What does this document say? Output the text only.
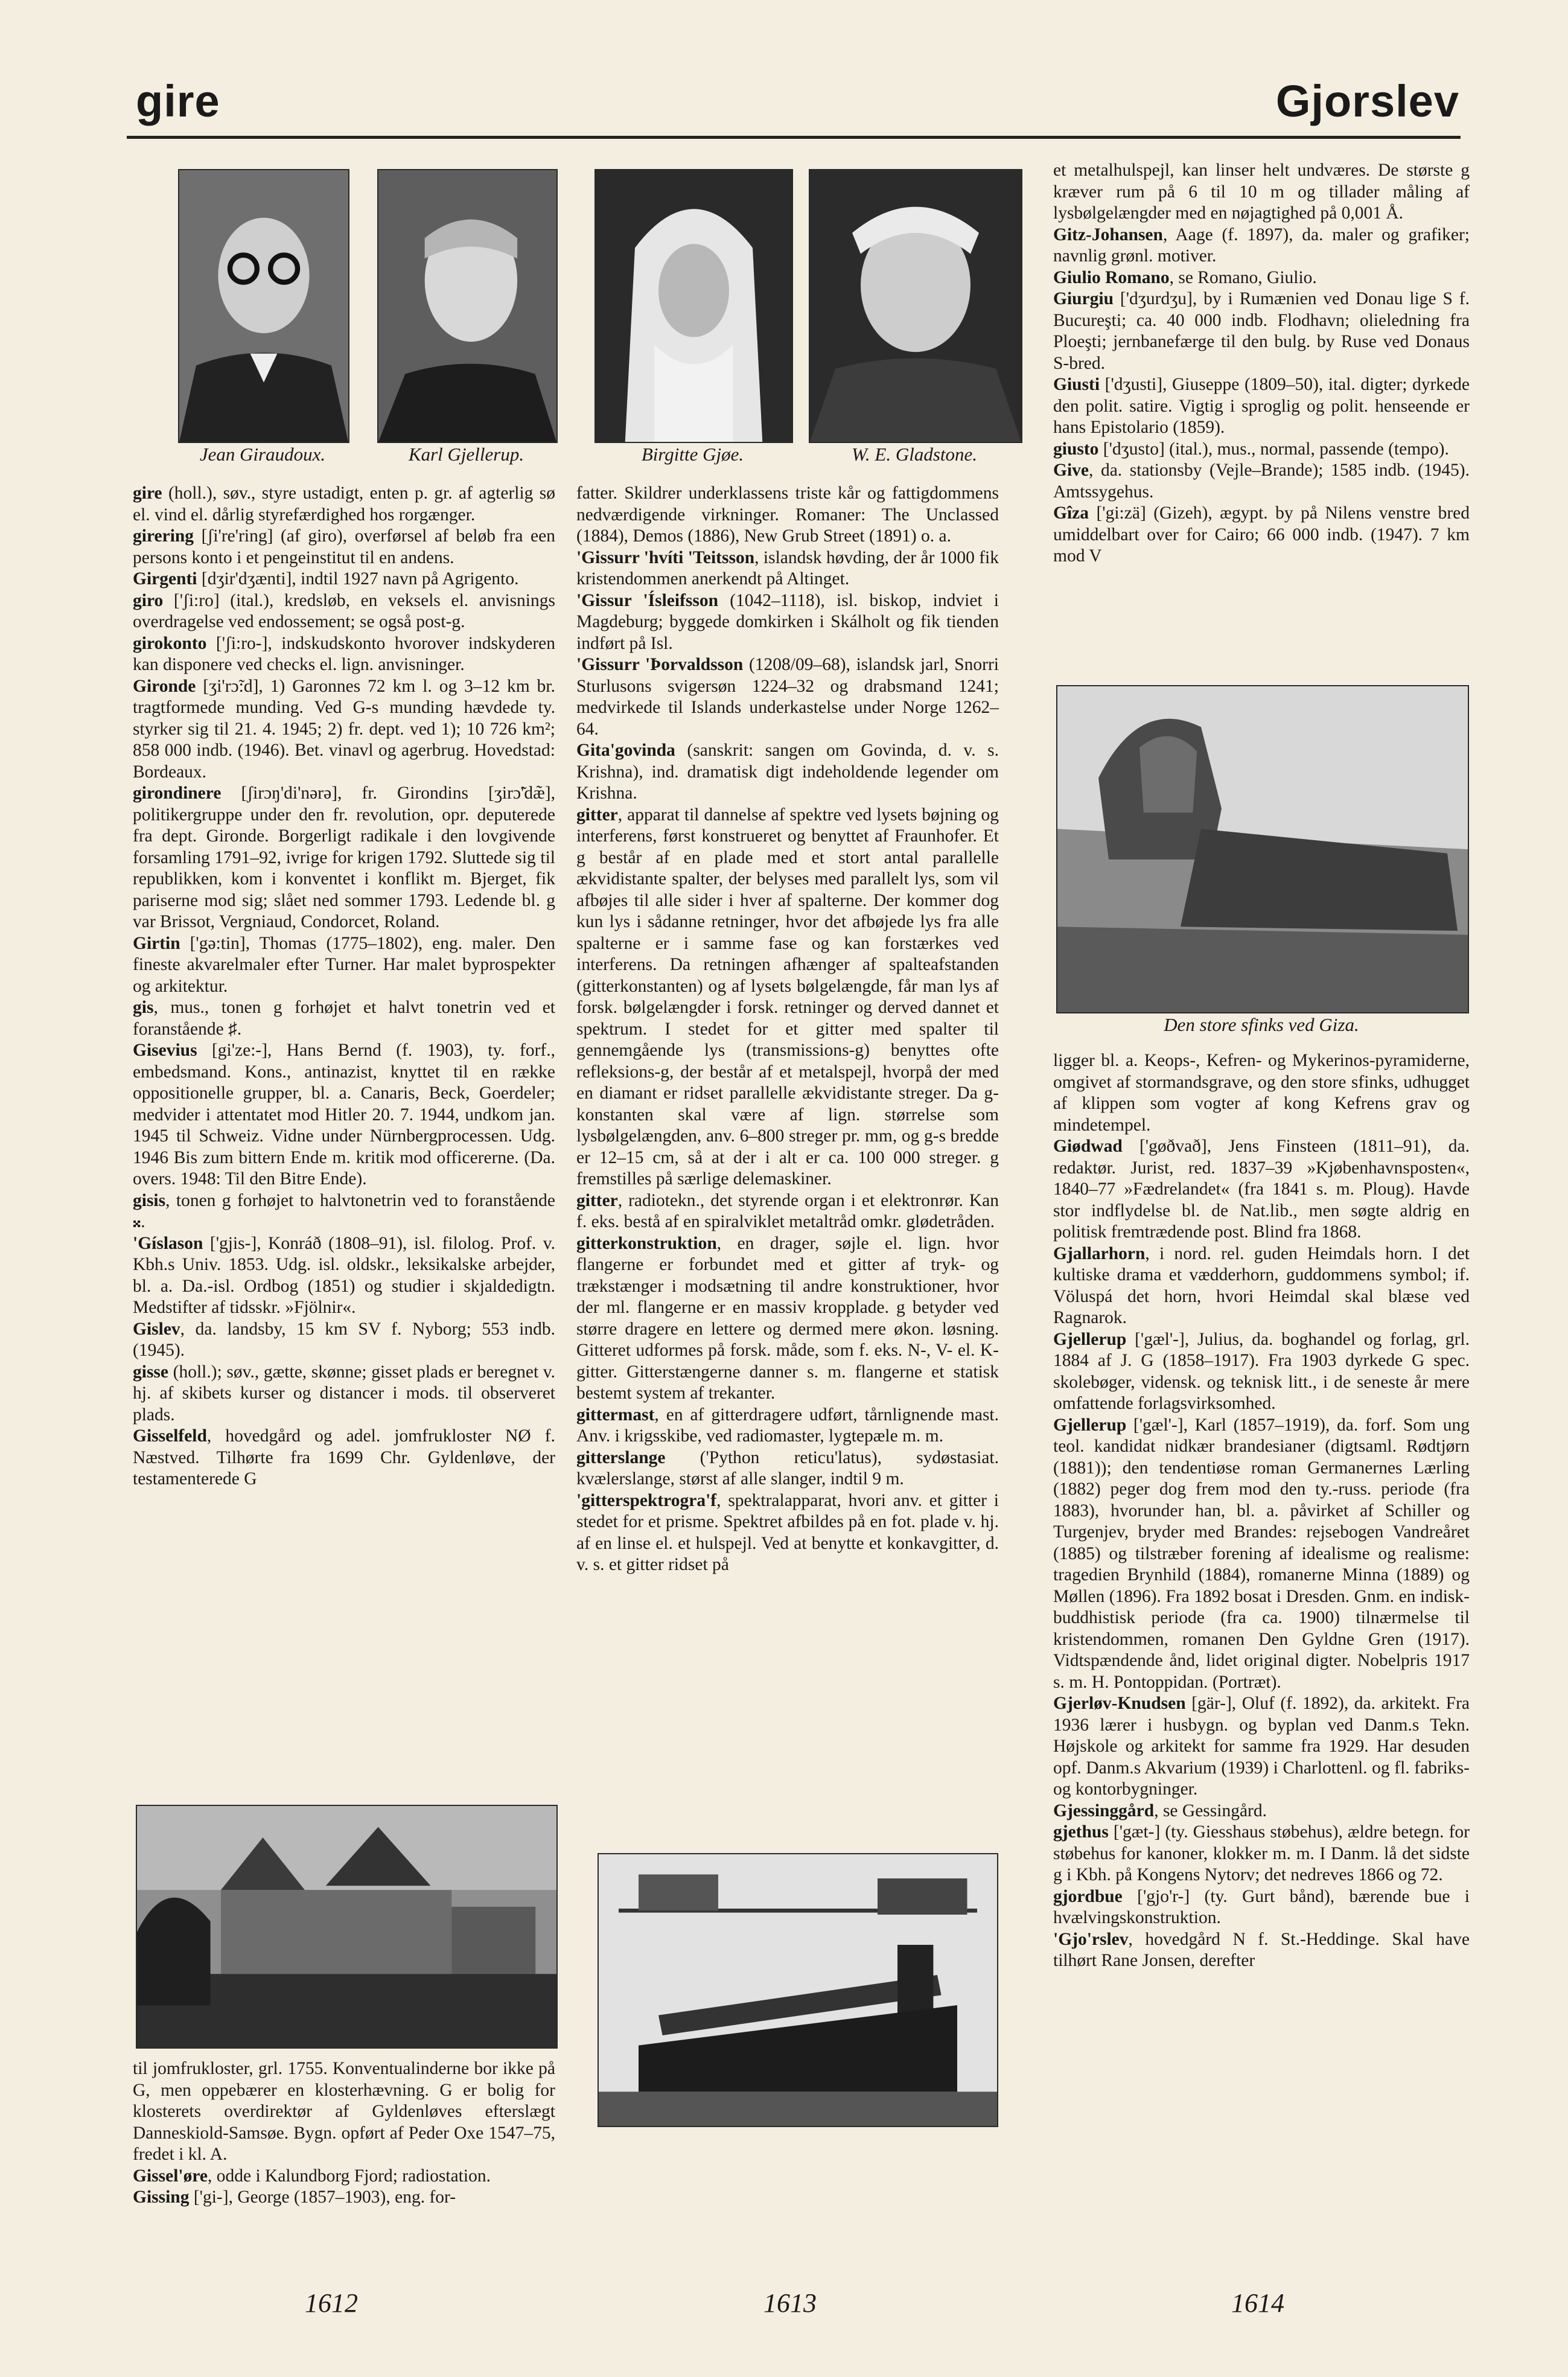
gire	Gjorslev
Jean Giraudoux.	Karl Gjellerup.	Birgitte Gjøe.	W. E. Gladstone.
gire (holl.), søv., styre ustadigt, enten p. gr. af agterlig sø el. vind el. dårlig styrefærdighed hos rorgænger.
girering [ʃi're'ring] (af giro), overførsel af beløb fra een persons konto i et pengeinstitut til en andens.
Girgenti [dʒir'dʒænti], indtil 1927 navn på Agrigento.
giro ['ʃi:ro] (ital.), kredsløb, en veksels el. anvisnings overdragelse ved endossement; se også post-g.
girokonto ['ʃi:ro-], indskudskonto hvorover indskyderen kan disponere ved checks el. lign. anvisninger.
Gironde [ʒi'rɔ̃:d], 1) Garonnes 72 km l. og 3–12 km br. tragtformede munding. Ved G-s munding hævdede ty. styrker sig til 21. 4. 1945; 2) fr. dept. ved 1); 10 726 km²; 858 000 indb. (1946). Bet. vinavl og agerbrug. Hovedstad: Bordeaux.
girondinere [ʃirɔŋ'di'nərə], fr. Girondins [ʒirɔ̃'dæ̃], politikergruppe under den fr. revolution, opr. deputerede fra dept. Gironde. Borgerligt radikale i den lovgivende forsamling 1791–92, ivrige for krigen 1792. Sluttede sig til republikken, kom i konventet i konflikt m. Bjerget, fik pariserne mod sig; slået ned sommer 1793. Ledende bl. g var Brissot, Vergniaud, Condorcet, Roland.
Girtin ['gə:tin], Thomas (1775–1802), eng. maler. Den fineste akvarelmaler efter Turner. Har malet byprospekter og arkitektur.
gis, mus., tonen g forhøjet et halvt tonetrin ved et foranstående ♯.
Gisevius [gi'ze:-], Hans Bernd (f. 1903), ty. forf., embedsmand. Kons., antinazist, knyttet til en række oppositionelle grupper, bl. a. Canaris, Beck, Goerdeler; medvider i attentatet mod Hitler 20. 7. 1944, undkom jan. 1945 til Schweiz. Vidne under Nürnbergprocessen. Udg. 1946 Bis zum bittern Ende m. kritik mod officererne. (Da. overs. 1948: Til den Bitre Ende).
gisis, tonen g forhøjet to halvtonetrin ved to foranstående 𝄪.
'Gíslason ['gjis-], Konráð (1808–91), isl. filolog. Prof. v. Kbh.s Univ. 1853. Udg. isl. oldskr., leksikalske arbejder, bl. a. Da.-isl. Ordbog (1851) og studier i skjaldedigtn. Medstifter af tidsskr. »Fjölnir«.
Gislev, da. landsby, 15 km SV f. Nyborg; 553 indb. (1945).
gisse (holl.); søv., gætte, skønne; gisset plads er beregnet v. hj. af skibets kurser og distancer i mods. til observeret plads.
Gisselfeld, hovedgård og adel. jomfrukloster NØ f. Næstved. Tilhørte fra 1699 Chr. Gyldenløve, der testamenterede G
til jomfrukloster, grl. 1755. Konventualinderne bor ikke på G, men oppebærer en klosterhævning. G er bolig for klosterets overdirektør af Gyldenløves efterslægt Danneskiold-Samsøe. Bygn. opført af Peder Oxe 1547–75, fredet i kl. A.
Gissel'øre, odde i Kalundborg Fjord; radiostation.
Gissing ['gi-], George (1857–1903), eng. for-
fatter. Skildrer underklassens triste kår og fattigdommens nedværdigende virkninger. Romaner: The Unclassed (1884), Demos (1886), New Grub Street (1891) o. a.
'Gissurr 'hvíti 'Teitsson, islandsk høvding, der år 1000 fik kristendommen anerkendt på Altinget.
'Gissur 'Ísleifsson (1042–1118), isl. biskop, indviet i Magdeburg; byggede domkirken i Skálholt og fik tienden indført på Isl.
'Gissurr 'Þorvaldsson (1208/09–68), islandsk jarl, Snorri Sturlusons svigersøn 1224–32 og drabsmand 1241; medvirkede til Islands underkastelse under Norge 1262–64.
Gita'govinda (sanskrit: sangen om Govinda, d. v. s. Krishna), ind. dramatisk digt indeholdende legender om Krishna.
gitter, apparat til dannelse af spektre ved lysets bøjning og interferens, først konstrueret og benyttet af Fraunhofer. Et g består af en plade med et stort antal parallelle ækvidistante spalter, der belyses med parallelt lys, som vil afbøjes til alle sider i hver af spalterne. Der kommer dog kun lys i sådanne retninger, hvor det afbøjede lys fra alle spalterne er i samme fase og kan forstærkes ved interferens. Da retningen afhænger af spalteafstanden (gitterkonstanten) og af lysets bølgelængde, får man lys af forsk. bølgelængder i forsk. retninger og derved dannet et spektrum. I stedet for et gitter med spalter til gennemgående lys (transmissions-g) benyttes ofte refleksions-g, der består af et metalspejl, hvorpå der med en diamant er ridset parallelle ækvidistante streger. Da g-konstanten skal være af lign. størrelse som lysbølgelængden, anv. 6–800 streger pr. mm, og g-s bredde er 12–15 cm, så at der i alt er ca. 100 000 streger. g fremstilles på særlige delemaskiner.
gitter, radiotekn., det styrende organ i et elektronrør. Kan f. eks. bestå af en spiralviklet metaltråd omkr. glødetråden.
gitterkonstruktion, en drager, søjle el. lign. hvor flangerne er forbundet med et gitter af tryk- og trækstænger i modsætning til andre konstruktioner, hvor der ml. flangerne er en massiv kropplade. g betyder ved større dragere en lettere og dermed mere økon. løsning. Gitteret udformes på forsk. måde, som f. eks. N-, V- el. K-gitter. Gitterstængerne danner s. m. flangerne et statisk bestemt system af trekanter.
gittermast, en af gitterdragere udført, tårnlignende mast. Anv. i krigsskibe, ved radiomaster, lygtepæle m. m.
gitterslange ('Python reticu'latus), sydøstasiat. kvælerslange, størst af alle slanger, indtil 9 m.
'gitterspektrogra'f, spektralapparat, hvori anv. et gitter i stedet for et prisme. Spektret afbildes på en fot. plade v. hj. af en linse el. et hulspejl. Ved at benytte et konkavgitter, d. v. s. et gitter ridset på
et metalhulspejl, kan linser helt undværes. De største g kræver rum på 6 til 10 m og tillader måling af lysbølgelængder med en nøjagtighed på 0,001 Å.
Gitz-Johansen, Aage (f. 1897), da. maler og grafiker; navnlig grønl. motiver.
Giulio Romano, se Romano, Giulio.
Giurgiu ['dʒurdʒu], by i Rumænien ved Donau lige S f. Bucureşti; ca. 40 000 indb. Flodhavn; olieledning fra Ploeşti; jernbanefærge til den bulg. by Ruse ved Donaus S-bred.
Giusti ['dʒusti], Giuseppe (1809–50), ital. digter; dyrkede den polit. satire. Vigtig i sproglig og polit. henseende er hans Epistolario (1859).
giusto ['dʒusto] (ital.), mus., normal, passende (tempo).
Give, da. stationsby (Vejle–Brande); 1585 indb. (1945). Amtssygehus.
Gîza ['gi:zä] (Gizeh), ægypt. by på Nilens venstre bred umiddelbart over for Cairo; 66 000 indb. (1947). 7 km mod V
Den store sfinks ved Giza.
ligger bl. a. Keops-, Kefren- og Mykerinos-pyramiderne, omgivet af stormandsgrave, og den store sfinks, udhugget af klippen som vogter af kong Kefrens grav og mindetempel.
Giødwad ['gøðvað], Jens Finsteen (1811–91), da. redaktør. Jurist, red. 1837–39 »Kjøbenhavnsposten«, 1840–77 »Fædrelandet« (fra 1841 s. m. Ploug). Havde stor indflydelse bl. de Nat.lib., men søgte aldrig en politisk fremtrædende post. Blind fra 1868.
Gjallarhorn, i nord. rel. guden Heimdals horn. I det kultiske drama et vædderhorn, guddommens symbol; if. Völuspá det horn, hvori Heimdal skal blæse ved Ragnarok.
Gjellerup ['gæl'-], Julius, da. boghandel og forlag, grl. 1884 af J. G (1858–1917). Fra 1903 dyrkede G spec. skolebøger, vidensk. og teknisk litt., i de seneste år mere omfattende forlagsvirksomhed.
Gjellerup ['gæl'-], Karl (1857–1919), da. forf. Som ung teol. kandidat nidkær brandesianer (digtsaml. Rødtjørn (1881)); den tendentiøse roman Germanernes Lærling (1882) peger dog frem mod den ty.-russ. periode (fra 1883), hvorunder han, bl. a. påvirket af Schiller og Turgenjev, bryder med Brandes: rejsebogen Vandreåret (1885) og tilstræber forening af idealisme og realisme: tragedien Brynhild (1884), romanerne Minna (1889) og Møllen (1896). Fra 1892 bosat i Dresden. Gnm. en indisk-buddhistisk periode (fra ca. 1900) tilnærmelse til kristendommen, romanen Den Gyldne Gren (1917). Vidtspændende ånd, lidet original digter. Nobelpris 1917 s. m. H. Pontoppidan. (Portræt).
Gjerløv-Knudsen [gär-], Oluf (f. 1892), da. arkitekt. Fra 1936 lærer i husbygn. og byplan ved Danm.s Tekn. Højskole og arkitekt for samme fra 1929. Har desuden opf. Danm.s Akvarium (1939) i Charlottenl. og fl. fabriks- og kontorbygninger.
Gjessinggård, se Gessingård.
gjethus ['gæt-] (ty. Giesshaus støbehus), ældre betegn. for støbehus for kanoner, klokker m. m. I Danm. lå det sidste g i Kbh. på Kongens Nytorv; det nedreves 1866 og 72.
gjordbue ['gjo'r-] (ty. Gurt bånd), bærende bue i hvælvingskonstruktion.
'Gjo'rslev, hovedgård N f. St.-Heddinge. Skal have tilhørt Rane Jonsen, derefter
1612	1613	1614
